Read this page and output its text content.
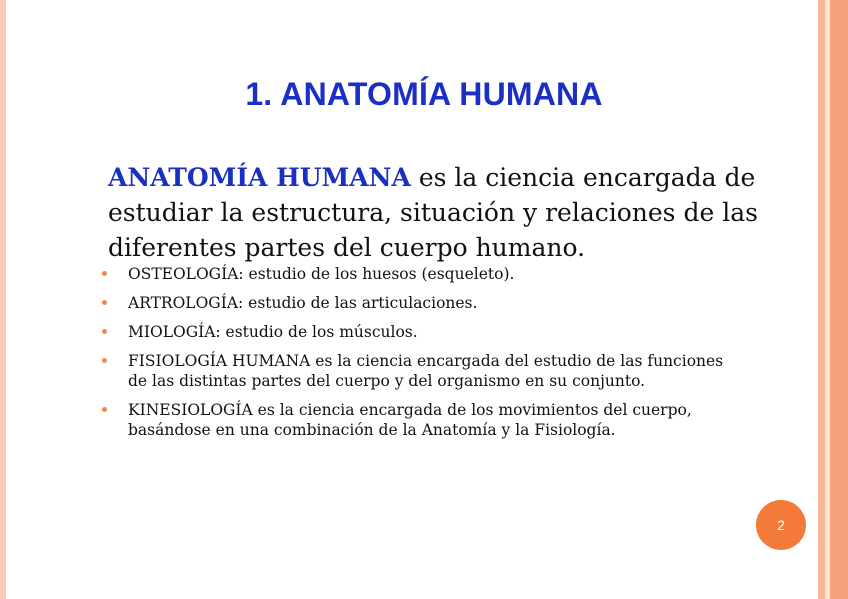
1. ANATOMÍA HUMANA

ANATOMÍA HUMANA es la ciencia encargada de estudiar la estructura, situación y relaciones de las diferentes partes del cuerpo humano.

OSTEOLOGÍA: estudio de los huesos (esqueleto).
ARTROLOGÍA: estudio de las articulaciones.
MIOLOGÍA: estudio de los músculos.
FISIOLOGÍA HUMANA es la ciencia encargada del estudio de las funciones de las distintas partes del cuerpo y del organismo en su conjunto.
KINESIOLOGÍA es la ciencia encargada de los movimientos del cuerpo, basándose en una combinación de la Anatomía y la Fisiología.
2
